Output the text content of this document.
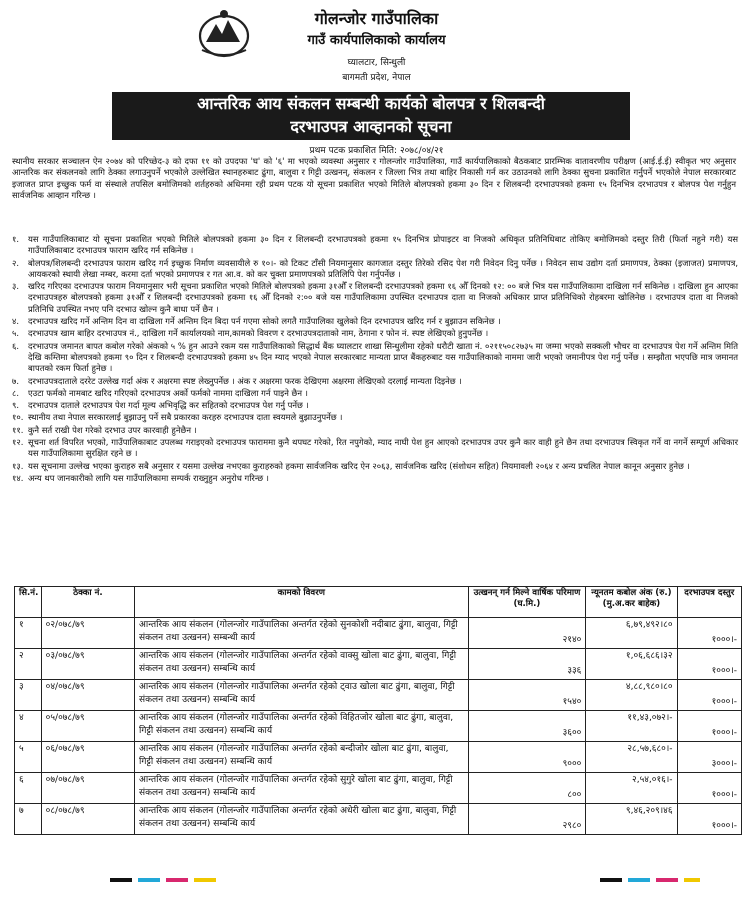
गोलन्जोर गाउँपालिका
गाउँ कार्यपालिकाको कार्यालय
घ्यालटार, सिन्धुली
बागमती प्रदेश, नेपाल
आन्तरिक आय संकलन सम्बन्धी कार्यको बोलपत्र र शिलबन्दी
दरभाउपत्र आव्हानको सूचना
प्रथम पटक प्रकाशित मिति: २०७८/०४/२१
स्थानीय सरकार सञ्चालन ऐन २०७४ को परिच्छेद-३ को दफा ११ को उपदफा 'घ' को '६' मा भएको व्यवस्था अनुसार र गोलन्जोर गाउँपालिका, गाउँ कार्यपालिकाको बैठकबाट प्रारम्भिक वातावरणीय परीक्षण (आई.ई.ई) स्वीकृत भए अनुसार आन्तरिक कर संकलनको लागि ठेक्का लगाउनुपर्ने भएकोले उल्लेखित स्थानहरुबाट ढुंगा, बालुवा र गिट्टी उत्खनन्, संकलन र जिल्ला भित्र तथा बाहिर निकासी गर्न कर उठाउनको लागि ठेक्का सुचना प्रकाशित गर्नुपर्ने भएकोले नेपाल सरकारबाट इजाजत प्राप्त इच्छुक फर्म वा संस्थाले तपसिल बमोजिमको शर्तहरुको अधिनमा रही प्रथम पटक यो सूचना प्रकाशित भएको मितिले बोलपत्रको हकमा ३० दिन र शिलबन्दी दरभाउपत्रको हकमा १५ दिनभित्र दरभाउपत्र र बोलपत्र पेश गर्नुहुन सार्वजनिक आव्हान गरिन्छ ।
१.	यस गाउँपालिकाबाट यो सूचना प्रकाशित भएको मितिले बोलपत्रको हकमा ३० दिन र शिलबन्दी दरभाउपत्रको हकमा १५ दिनभित्र प्रोपाइटर वा निजको अधिकृत प्रतिनिधिबाट तोकिए बमोजिमको दस्तुर तिरी (फिर्ता नहुने गरी) यस गाउँपालिकाबाट दरभाउपत्र फाराम खरिद गर्न सकिनेछ ।
२.	बोलपत्र/शिलबन्दी दरभाउपत्र फाराम खरिद गर्न इच्छुक निर्माण व्यवसायीले रु १०।- को टिकट टाँसी नियमानुसार कागजात दस्तुर तिरेको रसिद पेश गरी निवेदन दिनु पर्नेछ । निवेदन साथ उद्योग दर्ता प्रमाणपत्र, ठेक्का (इजाजत) प्रमाणपत्र, आयकरको स्थायी लेखा नम्बर, करमा दर्ता भएको प्रमाणपत्र र गत आ.व. को कर चुक्ता प्रमाणपत्रको प्रतिलिपि पेश गर्नुपर्नेछ ।
३.	खरिद गरिएका दरभाउपत्र फाराम नियमानुसार भरी सूचना प्रकाशित भएको मितिले बोलपत्रको हकमा ३१औँ र शिलबन्दी दरभाउपत्रको हकमा १६ औँ दिनको १२: ०० बजे भित्र यस गाउँपालिकामा दाखिला गर्न सकिनेछ । दाखिला हुन आएका दरभाउपत्रहरु बोलपत्रको हकमा ३१औँ र शिलबन्दी दरभाउपत्रको हकमा १६ औँ दिनको २:०० बजे यस गाउँपालिकामा उपस्थित दरभाउपत्र दाता वा निजको अधिकार प्राप्त प्रतिनिधिको रोहबरमा खोलिनेछ । दरभाउपत्र दाता वा निजको प्रतिनिधि उपस्थित नभए पनि दरभाउ खोल्न कुनै बाधा पर्ने छैन ।
४.	दरभाउपत्र खरिद गर्ने अन्तिम दिन वा दाखिला गर्ने अन्तिम दिन बिदा पर्न गएमा सोको लगतै गाउँपालिका खुलेको दिन दरभाउपत्र खरिद गर्न र बुझाउन सकिनेछ ।
५.	दरभाउपत्र खाम बाहिर दरभाउपत्र नं., दाखिला गर्ने कार्यालयको नाम,कामको विवरण र दरभाउपत्रदाताको नाम, ठेगाना र फोन नं. स्पष्ट लेखिएको हुनुपर्नेछ ।
६.	दरभाउपत्र जमानत बापत कबोल गरेको अंकको ५ % हुन आउने रकम यस गाउँपालिकाको सिद्धार्थ बैंक घ्यालटार शाखा सिन्धुलीमा रहेको धरौटी खाता नं. ०२११५०८२७३५ मा जम्मा भएको सक्कली भौचर वा दरभाउपत्र पेश गर्ने अन्तिम मिति देखि कम्तिमा बोलपत्रको हकमा ९० दिन र शिलबन्दी दरभाउपत्रको हकमा ४५ दिन म्याद भएको नेपाल सरकारबाट मान्यता प्राप्त बैंकहरुबाट यस गाउँपालिकाको नाममा जारी भएको जमानीपत्र पेश गर्नु पर्नेछ । सम्झौता भएपछि मात्र जमानत बापतको रकम फिर्ता हुनेछ ।
७.	दरभाउपत्रदाताले दररेट उल्लेख गर्दा अंक र अक्षरमा स्पष्ट लेख्नुपर्नेछ । अंक र अक्षरमा फरक देखिएमा अक्षरमा लेखिएको दरलाई मान्यता दिइनेछ ।
८.	एउटा फर्मको नामबाट खरिद गरिएको दरभाउपत्र अर्को फर्मको नाममा दाखिला गर्न पाइने छैन ।
९.	दरभाउपत्र दाताले दरभाउपत्र पेश गर्दा मूल्य अभिवृद्धि कर सहितको दरभाउपत्र पेश गर्नु पर्नेछ ।
१०. स्थानीय तथा नेपाल सरकारलाई बुझाउनु पर्ने सबै प्रकारका करहरु दरभाउपत्र दाता स्वयमले बुझाउनुपर्नेछ ।
११. कुनै सर्त राखी पेश गरेको दरभाउ उपर कारवाही हुनेछैन ।
१२. सूचना शर्त विपरित भएको, गाउँपालिकाबाट उपलब्ध गराइएको दरभाउपत्र फाराममा कुनै थपघट गरेको, रित नपुगेको, म्याद नाघी पेश हुन आएको दरभाउपत्र उपर कुनै कार वाही हुने छैन तथा दरभाउपत्र स्विकृत गर्ने वा नगर्ने सम्पूर्ण अधिकार यस गाउँपालिकामा सुरक्षित रहने छ ।
१३. यस सूचनामा उल्लेख भएका कुराहरु सबै अनुसार र यसमा उल्लेख नभएका कुराहरुको हकमा सार्वजनिक खरिद ऐन २०६३, सार्वजनिक खरिद (संशोधन सहित) नियमावली २०६४ र अन्य प्रचलित नेपाल कानून अनुसार हुनेछ ।
१४. अन्य थप जानकारीको लागि यस गाउँपालिकामा सम्पर्क राख्नुहुन अनुरोध गरिन्छ ।
सि.नं.	ठेक्का नं.	कामको विवरण	उत्खनन् गर्न मिल्ने वार्षिक परिमाण (घ.मि.)	न्यूनतम कबोल अंक (रु.) (मु.अ.कर बाहेक)	दरभाउपत्र दस्तुर
१	०२/०७८/७९	आन्तरिक आय संकलन (गोलन्जोर गाउँपालिका अन्तर्गत रहेको सुनकोशी नदीबाट ढुंगा, बालुवा, गिट्टी संकलन तथा उत्खनन) सम्बन्धी कार्य	२१४०	६,७९,४९२।८०	१०००।-
२	०३/०७८/७९	आन्तरिक आय संकलन (गोलन्जोर गाउँपालिका अन्तर्गत रहेको वाक्सु खोला बाट ढुंगा, बालुवा, गिट्टी संकलन तथा उत्खनन) सम्बन्धि कार्य	३३६	१,०६,६८६।३२	१०००।-
३	०४/०७८/७९	आन्तरिक आय संकलन (गोलन्जोर गाउँपालिका अन्तर्गत रहेको ट्वाउ खोला बाट ढुंगा, बालुवा, गिट्टी संकलन तथा उत्खनन) सम्बन्धि कार्य	१५४०	४,८८,९८०।८०	१०००।-
४	०५/०७८/७९	आन्तरिक आय संकलन (गोलन्जोर गाउँपालिका अन्तर्गत रहेको विहितजोर खोला बाट ढुंगा, बालुवा, गिट्टी संकलन तथा उत्खनन) सम्बन्धि कार्य	३६००	११,४३,०७२।-	१०००।-
५	०६/०७८/७९	आन्तरिक आय संकलन (गोलन्जोर गाउँपालिका अन्तर्गत रहेको बन्दीजोर खोला बाट ढुंगा, बालुवा, गिट्टी संकलन तथा उत्खनन) सम्बन्धि कार्य	९०००	२८,५७,६८०।-	३०००।-
६	०७/०७८/७९	आन्तरिक आय संकलन (गोलन्जोर गाउँपालिका अन्तर्गत रहेको सुगुरे खोला बाट ढुंगा, बालुवा, गिट्टी संकलन तथा उत्खनन) सम्बन्धि कार्य	८००	२,५४,०१६।-	१०००।-
७	०८/०७८/७९	आन्तरिक आय संकलन (गोलन्जोर गाउँपालिका अन्तर्गत रहेको अधेरी खोला बाट ढुंगा, बालुवा, गिट्टी संकलन तथा उत्खनन) सम्बन्धि कार्य	२९८०	९,४६,२०९।४६	१०००।-
